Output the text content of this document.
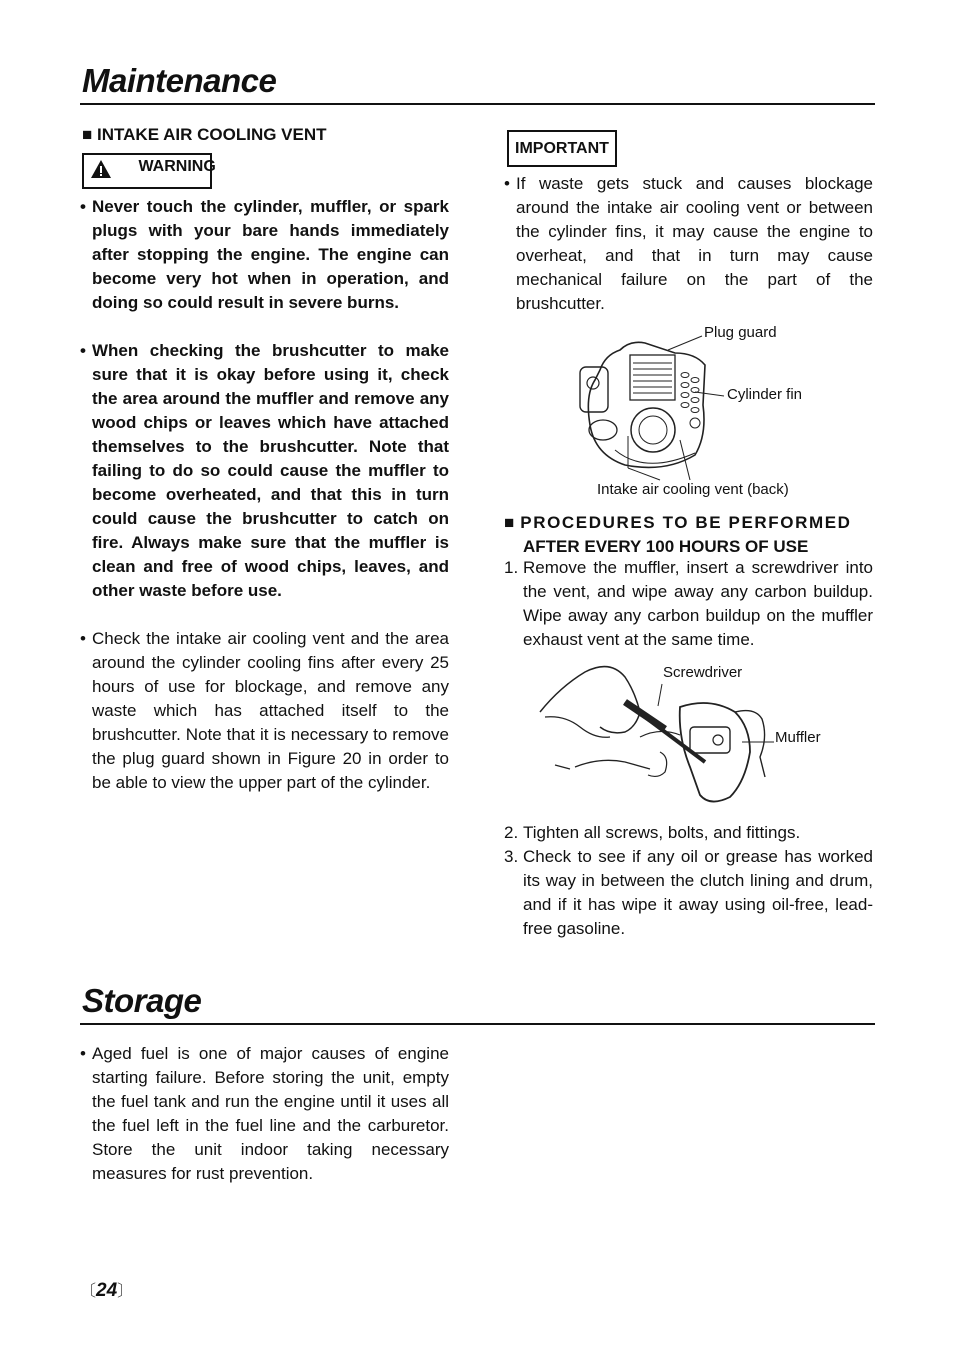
Maintenance
■ INTAKE AIR COOLING VENT
WARNING
• Never touch the cylinder, muffler, or spark plugs with your bare hands immediately after stopping the engine. The engine can become very hot when in operation, and doing so could result in severe burns.
• When checking the brushcutter to make sure that it is okay before using it, check the area around the muffler and remove any wood chips or leaves which have attached themselves to the brushcutter. Note that failing to do so could cause the muffler to become overheated, and that this in turn could cause the brushcutter to catch on fire. Always make sure that the muffler is clean and free of wood chips, leaves, and other waste before use.
• Check the intake air cooling vent and the area around the cylinder cooling fins after every 25 hours of use for blockage, and remove any waste which has attached itself to the brushcutter. Note that it is necessary to remove the plug guard shown in Figure 20 in order to be able to view the upper part of the cylinder.
IMPORTANT
• If waste gets stuck and causes blockage around the intake air cooling vent or between the cylinder fins, it may cause the engine to overheat, and that in turn may cause mechanical failure on the part of the brushcutter.
Plug guard
Cylinder fin
Intake air cooling vent (back)
■ PROCEDURES TO BE PERFORMED
AFTER EVERY 100 HOURS OF USE
1. Remove the muffler, insert a screwdriver into the vent, and wipe away any carbon buildup. Wipe away any carbon buildup on the muffler exhaust vent at the same time.
Screwdriver
Muffler
2. Tighten all screws, bolts, and fittings.
3. Check to see if any oil or grease has worked its way in between the clutch lining and drum, and if it has wipe it away using oil-free, lead-free gasoline.
Storage
• Aged fuel is one of major causes of engine starting failure. Before storing the unit, empty the fuel tank and run the engine until it uses all the fuel left in the fuel line and the carburetor. Store the unit indoor taking necessary measures for rust prevention.
〔24〕
